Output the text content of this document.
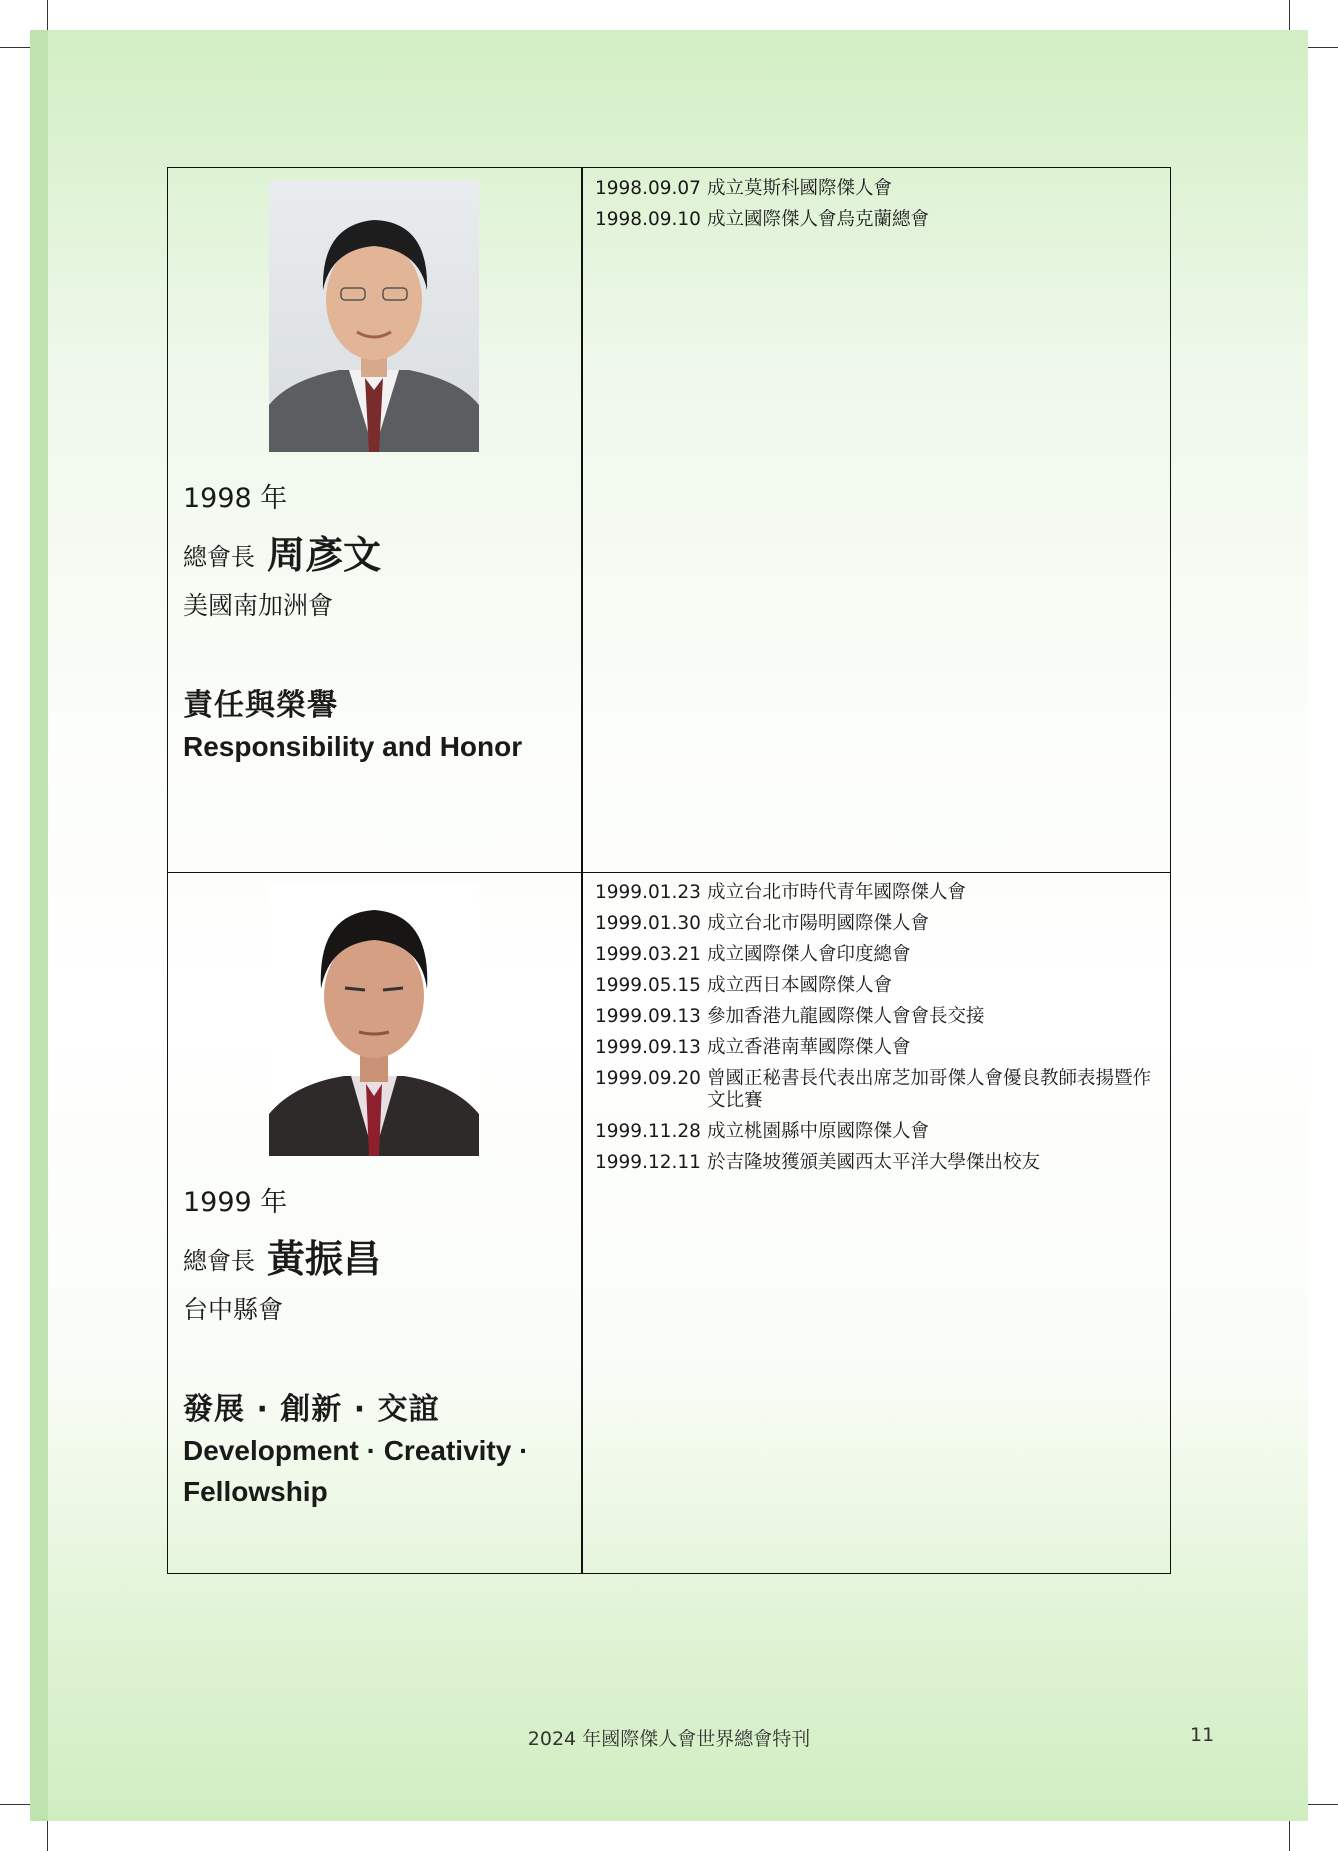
1998 年
總會長 周彥文
美國南加洲會
責任與榮譽
Responsibility and Honor
1998.09.07 成立莫斯科國際傑人會
1998.09.10 成立國際傑人會烏克蘭總會
1999 年
總會長 黃振昌
台中縣會
發展 · 創新 · 交誼
Development · Creativity · Fellowship
1999.01.23 成立台北市時代青年國際傑人會
1999.01.30 成立台北市陽明國際傑人會
1999.03.21 成立國際傑人會印度總會
1999.05.15 成立西日本國際傑人會
1999.09.13 參加香港九龍國際傑人會會長交接
1999.09.13 成立香港南華國際傑人會
1999.09.20 曾國正秘書長代表出席芝加哥傑人會優良教師表揚暨作文比賽
1999.11.28 成立桃園縣中原國際傑人會
1999.12.11 於吉隆坡獲頒美國西太平洋大學傑出校友
2024 年國際傑人會世界總會特刊	11
